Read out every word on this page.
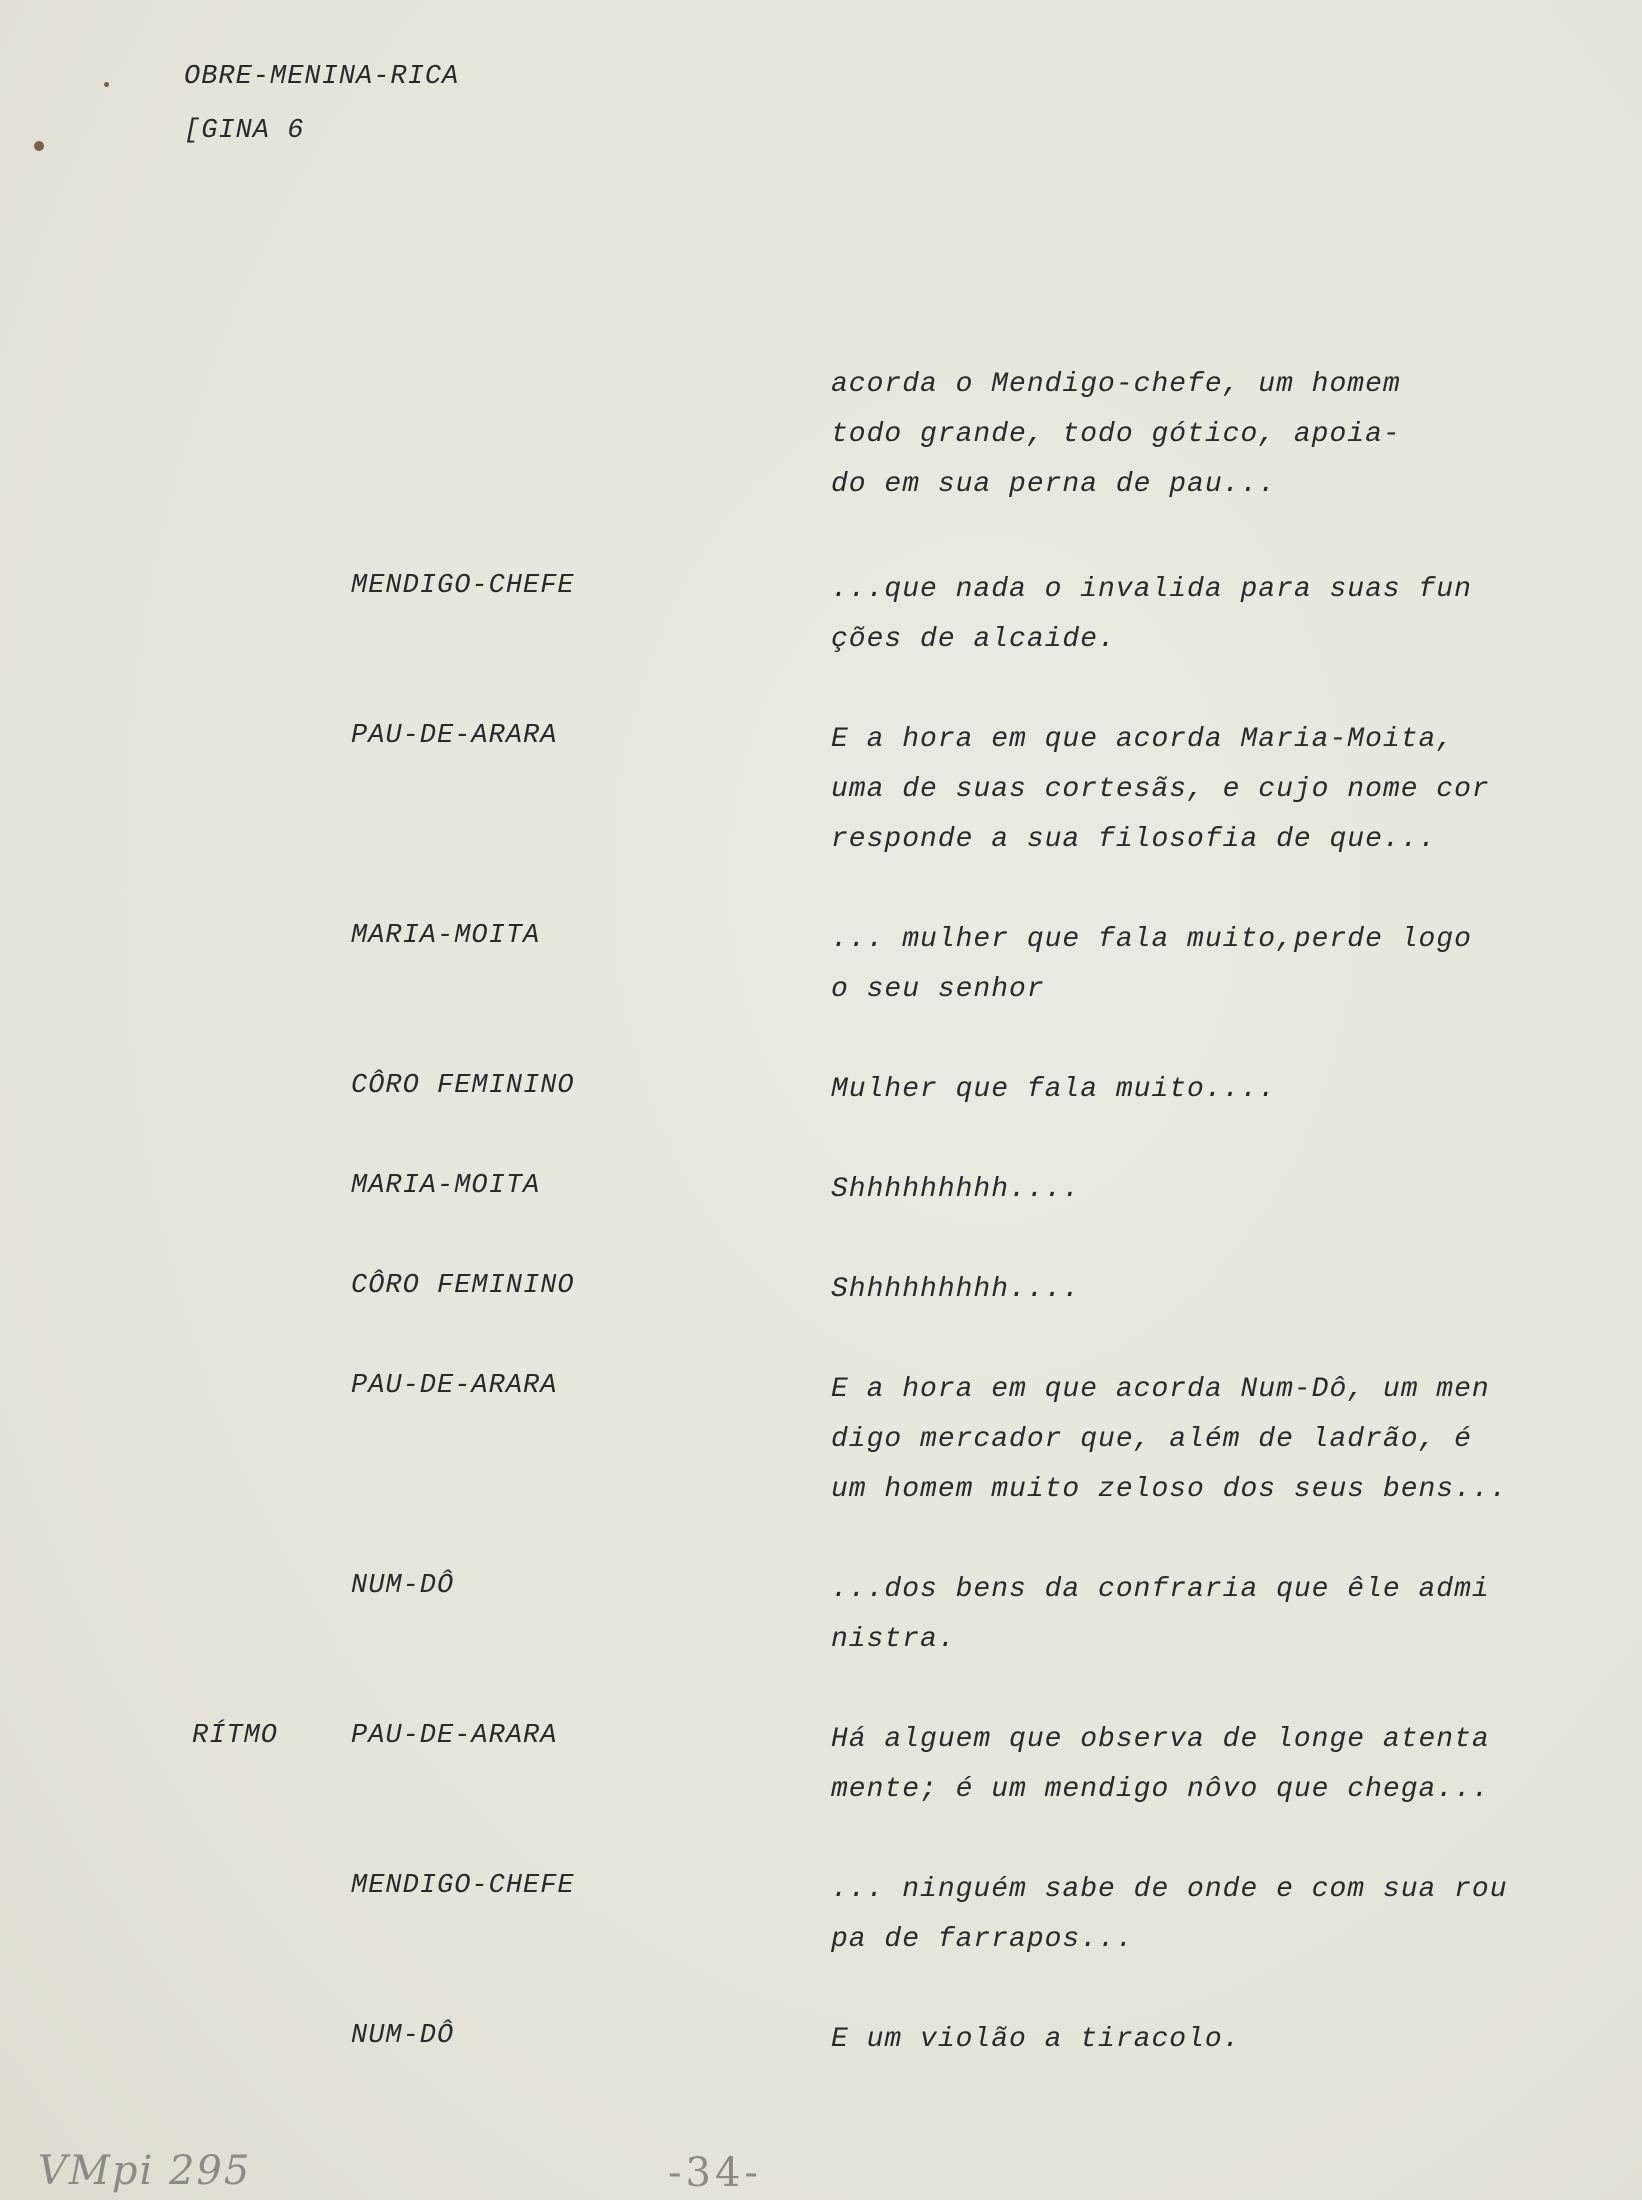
OBRE-MENINA-RICA
[GINA 6
acorda o Mendigo-chefe, um homem
todo grande, todo gótico, apoia-
do em sua perna de pau...
MENDIGO-CHEFE	...que nada o invalida para suas fun
ções de alcaide.
PAU-DE-ARARA	E a hora em que acorda Maria-Moita,
uma de suas cortesãs, e cujo nome cor
responde a sua filosofia de que...
MARIA-MOITA	... mulher que fala muito,perde logo
o seu senhor
CÔRO FEMININO	Mulher que fala muito....
MARIA-MOITA	Shhhhhhhhh....
CÔRO FEMININO	Shhhhhhhhh....
PAU-DE-ARARA	E a hora em que acorda Num-Dô, um men
digo mercador que, além de ladrão, é
um homem muito zeloso dos seus bens...
NUM-DÔ	...dos bens da confraria que êle admi
nistra.
RÍTMO	PAU-DE-ARARA	Há alguem que observa de longe atenta
mente; é um mendigo nôvo que chega...
MENDIGO-CHEFE	... ninguém sabe de onde e com sua rou
pa de farrapos...
NUM-DÔ	E um violão a tiracolo.
VMpi 295	-34-
